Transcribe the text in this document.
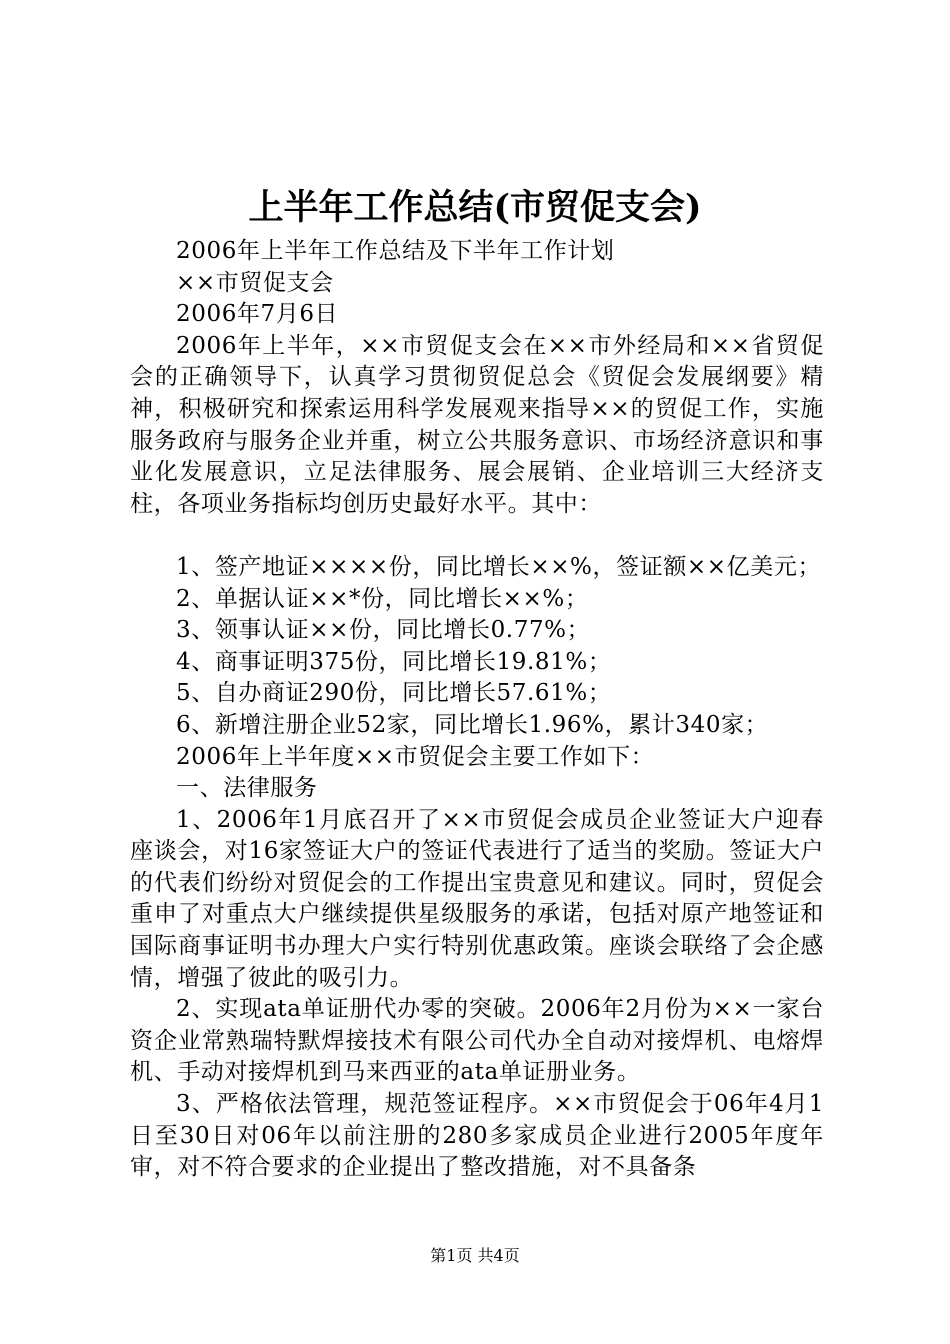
上半年工作总结(市贸促支会)

2006年上半年工作总结及下半年工作计划

××市贸促支会

2006年7月6日

2006年上半年，××市贸促支会在××市外经局和××省贸促会的正确领导下，认真学习贯彻贸促总会《贸促会发展纲要》精神，积极研究和探索运用科学发展观来指导××的贸促工作，实施服务政府与服务企业并重，树立公共服务意识、市场经济意识和事业化发展意识，立足法律服务、展会展销、企业培训三大经济支柱，各项业务指标均创历史最好水平。其中：

1、签产地证××××份，同比增长××%，签证额××亿美元；

2、单据认证××*份，同比增长××%；

3、领事认证××份，同比增长0.77%；

4、商事证明375份，同比增长19.81%；

5、自办商证290份，同比增长57.61%；

6、新增注册企业52家，同比增长1.96%，累计340家；

2006年上半年度××市贸促会主要工作如下：

一、法律服务

1、2006年1月底召开了××市贸促会成员企业签证大户迎春座谈会，对16家签证大户的签证代表进行了适当的奖励。签证大户的代表们纷纷对贸促会的工作提出宝贵意见和建议。同时，贸促会重申了对重点大户继续提供星级服务的承诺，包括对原产地签证和国际商事证明书办理大户实行特别优惠政策。座谈会联络了会企感情，增强了彼此的吸引力。

2、实现ata单证册代办零的突破。2006年2月份为××一家台资企业常熟瑞特默焊接技术有限公司代办全自动对接焊机、电熔焊机、手动对接焊机到马来西亚的ata单证册业务。

3、严格依法管理，规范签证程序。××市贸促会于06年4月1日至30日对06年以前注册的280多家成员企业进行2005年度年审，对不符合要求的企业提出了整改措施，对不具备条

第1页 共4页
